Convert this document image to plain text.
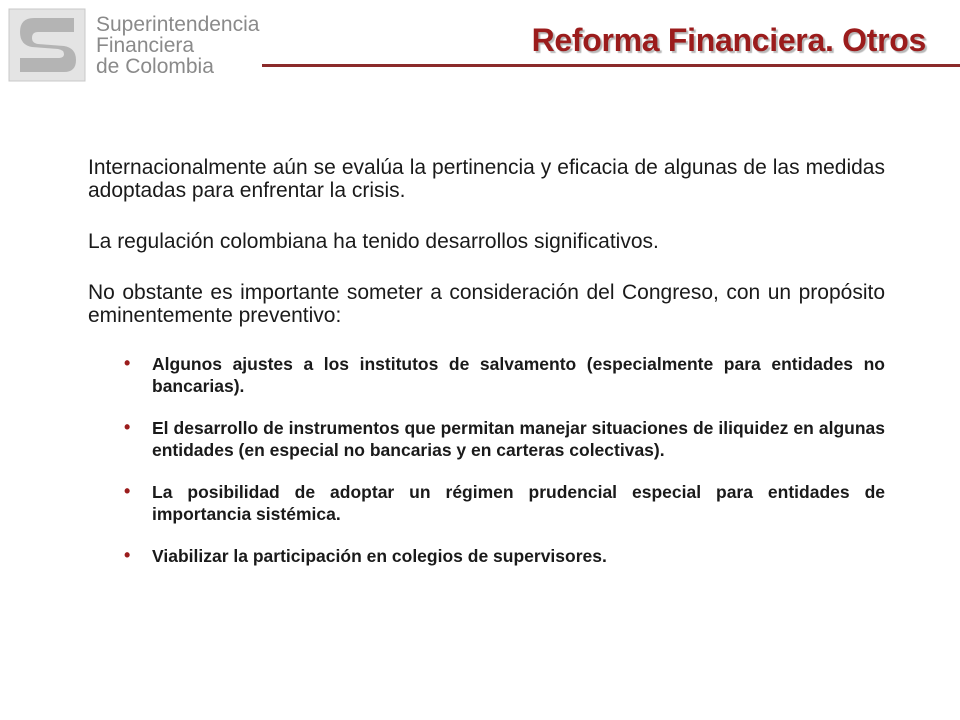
Superintendencia
Financiera
de Colombia
Reforma Financiera. Otros

Internacionalmente aún se evalúa la pertinencia y eficacia de algunas de las medidas adoptadas para enfrentar la crisis.

La regulación colombiana ha tenido desarrollos significativos.

No obstante es importante someter a consideración del Congreso, con un propósito eminentemente preventivo:

• Algunos ajustes a los institutos de salvamento (especialmente para entidades no bancarias).
• El desarrollo de instrumentos que permitan manejar situaciones de iliquidez en algunas entidades (en especial no bancarias y en carteras colectivas).
• La posibilidad de adoptar un régimen prudencial especial para entidades de importancia sistémica.
• Viabilizar la participación en colegios de supervisores.
